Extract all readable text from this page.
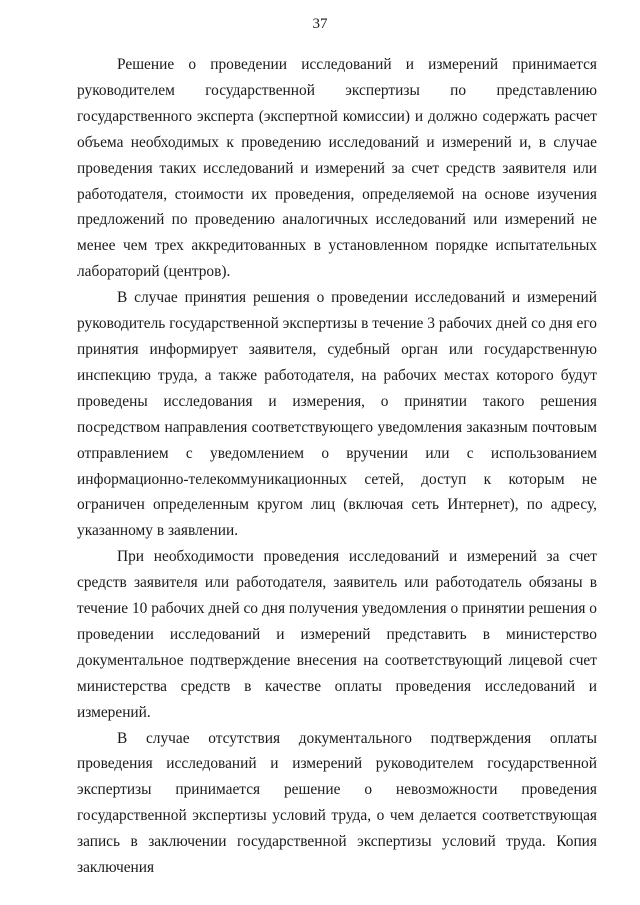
37

Решение о проведении исследований и измерений принимается руководителем государственной экспертизы по представлению государственного эксперта (экспертной комиссии) и должно содержать расчет объема необходимых к проведению исследований и измерений и, в случае проведения таких исследований и измерений за счет средств заявителя или работодателя, стоимости их проведения, определяемой на основе изучения предложений по проведению аналогичных исследований или измерений не менее чем трех аккредитованных в установленном порядке испытательных лабораторий (центров).

В случае принятия решения о проведении исследований и измерений руководитель государственной экспертизы в течение 3 рабочих дней со дня его принятия информирует заявителя, судебный орган или государственную инспекцию труда, а также работодателя, на рабочих местах которого будут проведены исследования и измерения, о принятии такого решения посредством направления соответствующего уведомления заказным почтовым отправлением с уведомлением о вручении или с использованием информационно-телекоммуникационных сетей, доступ к которым не ограничен определенным кругом лиц (включая сеть Интернет), по адресу, указанному в заявлении.

При необходимости проведения исследований и измерений за счет средств заявителя или работодателя, заявитель или работодатель обязаны в течение 10 рабочих дней со дня получения уведомления о принятии решения о проведении исследований и измерений представить в министерство документальное подтверждение внесения на соответствующий лицевой счет министерства средств в качестве оплаты проведения исследований и измерений.

В случае отсутствия документального подтверждения оплаты проведения исследований и измерений руководителем государственной экспертизы принимается решение о невозможности проведения государственной экспертизы условий труда, о чем делается соответствующая запись в заключении государственной экспертизы условий труда. Копия заключения
